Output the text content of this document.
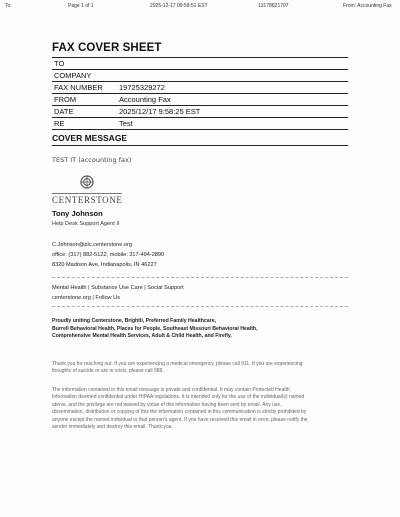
To:	Page 1 of 1	2025-12-17 09:58:51 EST	13178821707	From: Accounting Fax
FAX COVER SHEET
TO
COMPANY
FAX NUMBER 19725329272
FROM	Accounting Fax
DATE	2025/12/17 9:58:25 EST
RE	Test
COVER MESSAGE
TEST IT (accounting fax)
CENTERSTONE
Tony Johnson
Help Desk Support Agent II
C.Johnson@plc.centerstone.org
office: (317) 882-5122, mobile: 317-494-2890
8320 Madison Ave, Indianapolis, IN 46227
Mental Health | Substance Use Care | Social Support
centerstone.org | Follow Us
Proudly uniting Centerstone, Brightli, Preferred Family Healthcare,
Burrell Behavioral Health, Places for People, Southeast Missouri Behavioral Health,
Comprehensive Mental Health Services, Adult & Child Health, and Firefly.
Thank you for reaching out. If you are experiencing a medical emergency, please call 911. If you are experiencing
thoughts of suicide or are in crisis, please call 988.
The information contained in this email message is private and confidential. It may contain Protected Health
Information deemed confidential under HIPAA regulations. It is intended only for the use of the individual(s) named
above, and the privilege are not waived by virtue of this information having been sent by email. Any use,
dissemination, distribution or copying of this the information contained in this communication is strictly prohibited by
anyone except the named individual or that person's agent. If you have received this email in error, please notify the
sender immediately and destroy this email. Thank you.
